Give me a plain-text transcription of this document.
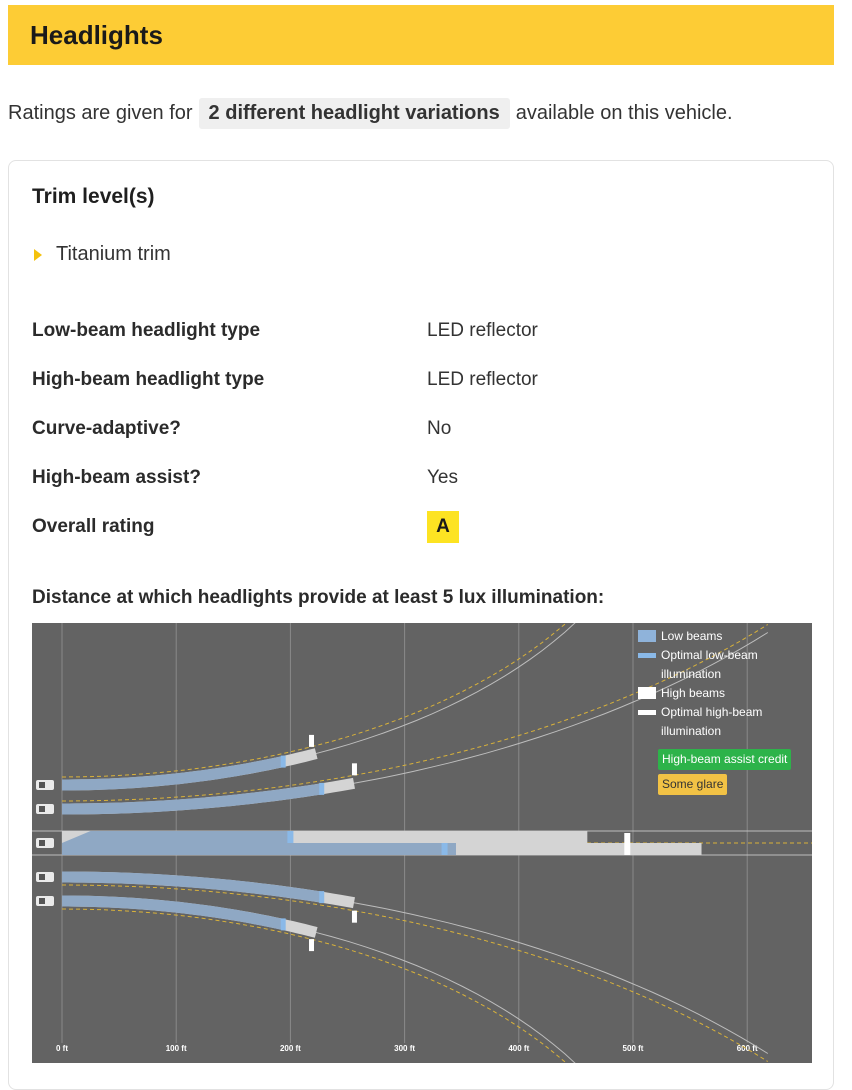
Headlights
Ratings are given for 2 different headlight variations available on this vehicle.
Trim level(s)
Titanium trim
Low-beam headlight type	LED reflector
High-beam headlight type	LED reflector
Curve-adaptive?	No
High-beam assist?	Yes
Overall rating	A
Distance at which headlights provide at least 5 lux illumination:
0 ft	100 ft	200 ft	300 ft	400 ft	500 ft	600 ft
Low beams
Optimal low-beam illumination
High beams
Optimal high-beam illumination
High-beam assist credit
Some glare
